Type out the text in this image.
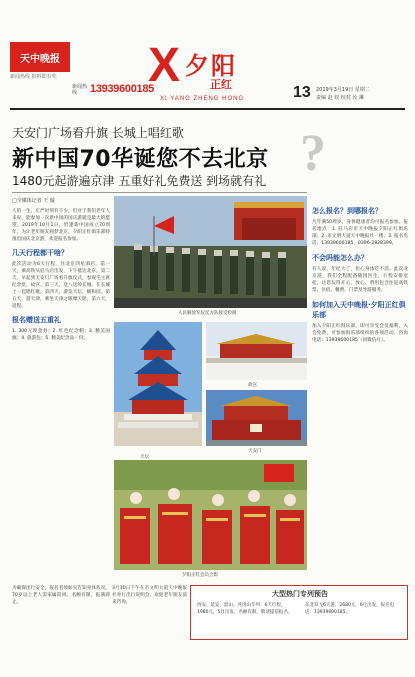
天中晚报
新闻热线 报料即有奖
新闻热线	13939600185
X 夕阳
正红
XI YANG ZHENG HONG	13 2019年3月19日 星期二
责编 赵 钗 校对 汝 琳
天安门广场看升旗 长城上唱红歌
新中国70华诞您不去北京
1480元起游遍京津 五重好礼免费送 到场就有礼 ?
□全媒体记者 王 璇
人的一生，庄严时刻有不少，但对于我们老年人来说，能参加一次新中国的国庆游就是最大的愿望。2019年10月1日，恰逢新中国成立70周年，为让老年朋友圆梦北京，夕阳正红俱乐部特推出国庆北京游，欢迎报名参加。
几天行程都干啥？
此次活动为6天行程，住北京四星酒店。第一天，乘高铁从驻马店出发，下午抵达北京。第二天，早起到天安门广场看升旗仪式，参观毛主席纪念堂、故宫。第三天，登八达岭长城，在长城上一起唱红歌。第四天，游览天坛、颐和园。第五天，游天津，乘坐天津之眼摩天轮。第六天，返程。
报名赠送五重礼
1. 300元现金券；2. 红色纪念帽；3. 精美国旗；4. 旅游包；5. 精美纪念品一份。
人民解放军仪仗方队接受检阅
天坛
故宫
天安门
夕阳正红会员合影
怎么报名？到哪报名？
凡年满50周岁，身体健康者均可报名参加。报名地点：1. 驻马店市天中晚报夕阳正红俱乐部；2. 市文明大道天中晚报社一楼；3. 报名电话：13939600185、0396-2828399。
不会吗能怎么办？
有人说，年纪大了，担心身体吃不消。此次北京游，我们全程配备随团医生，行程安排宽松，让您玩得开心、放心。费用包含往返高铁票、住宿、餐费、门票及导游服务。
如何加入天中晚报·夕阳正红俱乐部
加入夕阳正红俱乐部，即可享受会员福利。入会免费，可参加俱乐部组织的各项活动。咨询电话：13939600185（同微信号）。
为确保出行安全，报名者须如实告知身体状况，70岁以上老人需家属陪同。名额有限，报满即止。
3月30日下午在市文明大道天中晚报社举行出行说明会，欢迎老年朋友前来咨询。
大型热门专列预告
西安、延安、韶山、井冈山专列：6天行程，1980元，5月出发，名额有限，敬请提前报名。
东北双飞6天游，2680元，6月出发，报名电话：13939600185。
